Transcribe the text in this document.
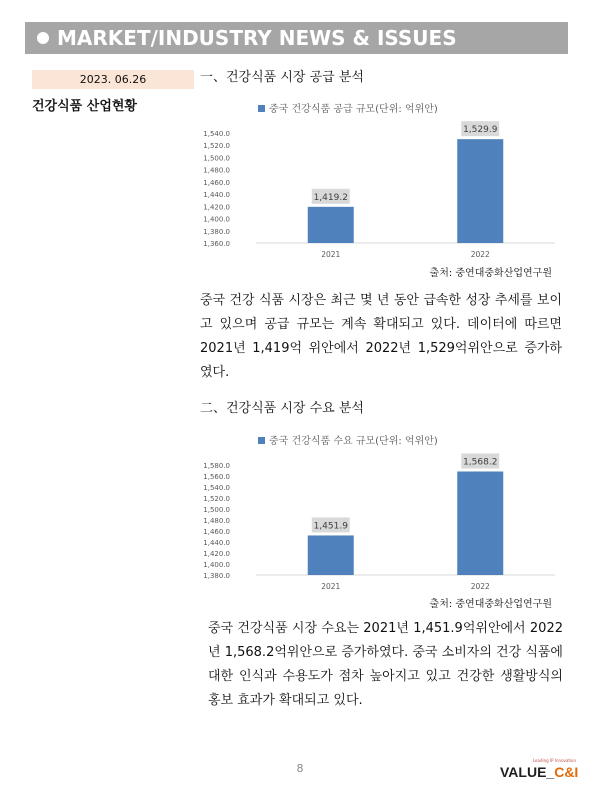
MARKET/INDUSTRY NEWS & ISSUES
2023. 06.26
건강식품 산업현황
一、건강식품 시장 공급 분석
중국 건강식품 공급 규모(단위: 억위안)
1,360.0
1,380.0
1,400.0
1,420.0
1,440.0
1,460.0
1,480.0
1,500.0
1,520.0
1,540.0
1,419.2
2021
1,529.9
2022
출처: 중연대중화산업연구원
중국 건강 식품 시장은 최근 몇 년 동안 급속한 성장 추세를 보이고 있으며 공급 규모는 계속 확대되고 있다. 데이터에 따르면 2021년 1,419억 위안에서 2022년 1,529억위안으로 증가하였다.
二、건강식품 시장 수요 분석
중국 건강식품 수요 규모(단위: 억위안)
1,380.0
1,400.0
1,420.0
1,440.0
1,460.0
1,480.0
1,500.0
1,520.0
1,540.0
1,560.0
1,580.0
1,451.9
2021
1,568.2
2022
출처: 중연대중화산업연구원
중국 건강식품 시장 수요는 2021년 1,451.9억위안에서 2022년 1,568.2억위안으로 증가하였다. 중국 소비자의 건강 식품에 대한 인식과 수용도가 점차 높아지고 있고 건강한 생활방식의 홍보 효과가 확대되고 있다.
8
Leading IP Innovation
VALUE_C&I
